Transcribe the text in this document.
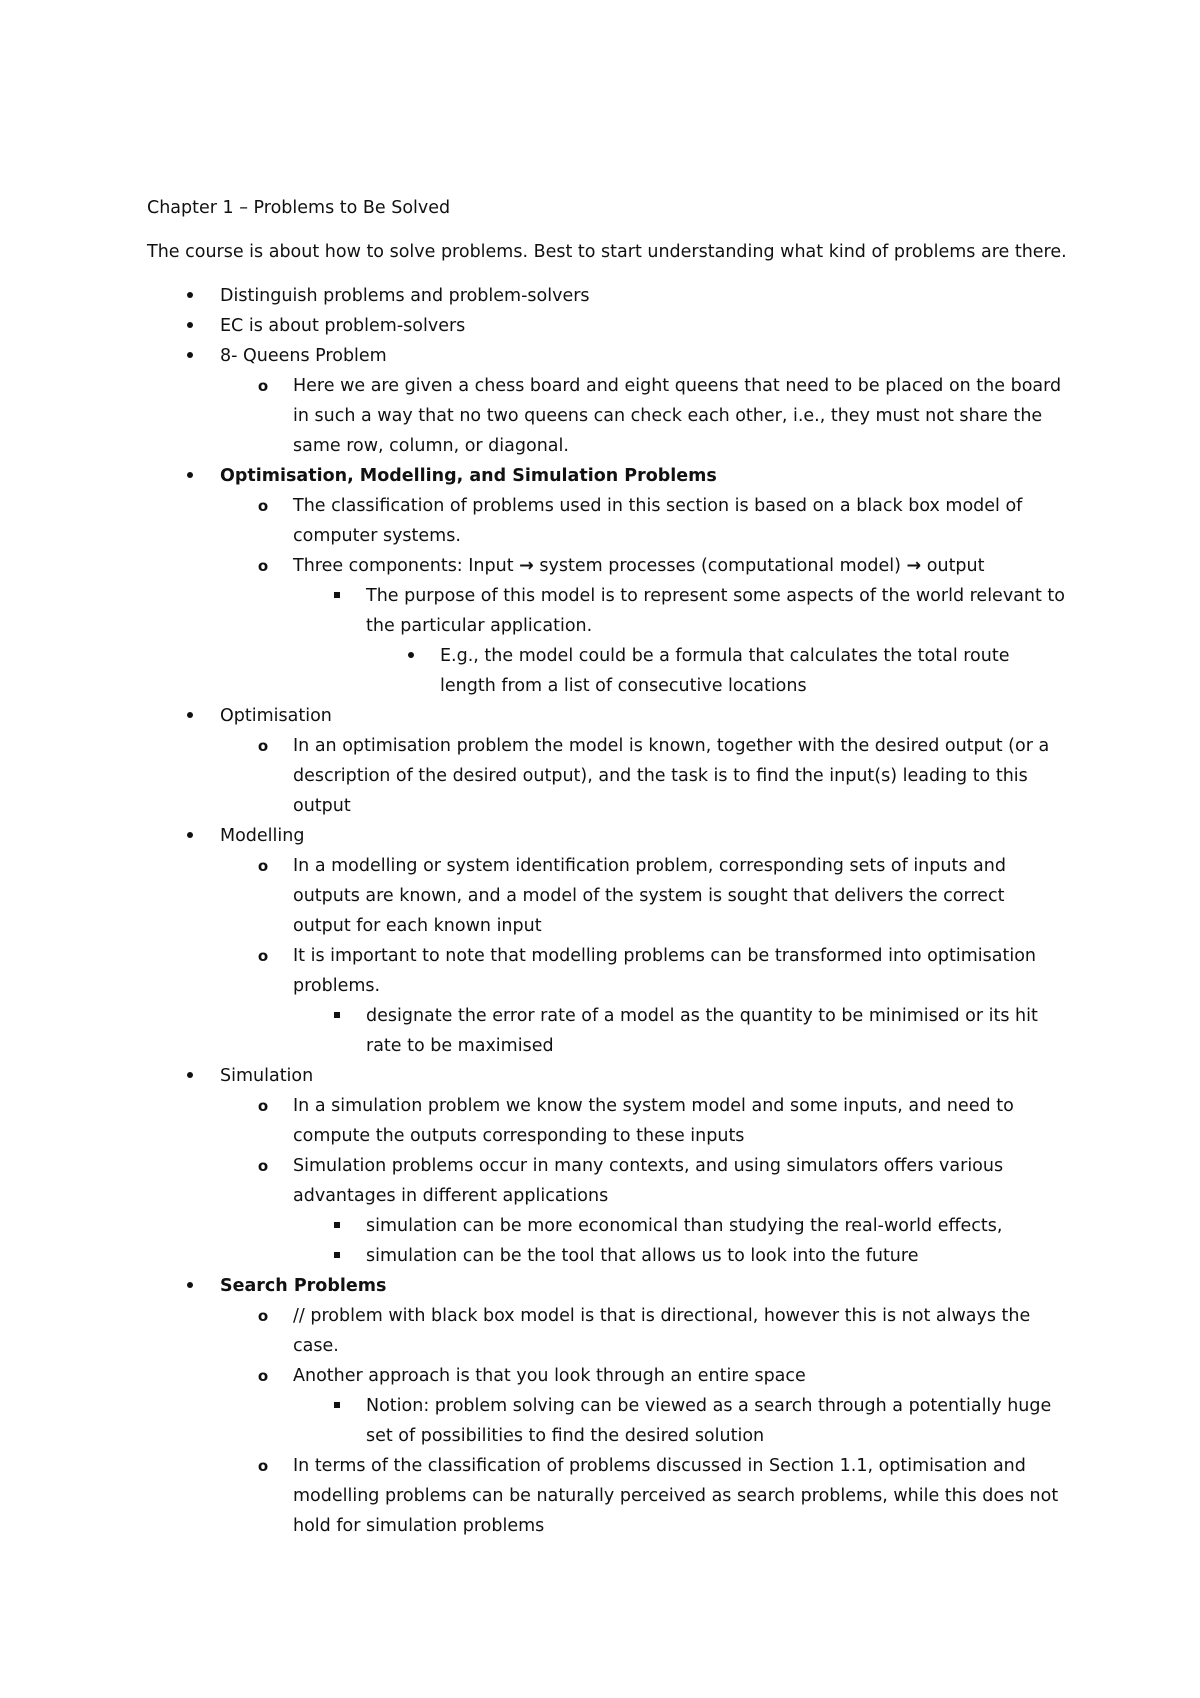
Chapter 1 – Problems to Be Solved

The course is about how to solve problems. Best to start understanding what kind of problems are there.

Distinguish problems and problem-solvers
EC is about problem-solvers
8- Queens Problem
o Here we are given a chess board and eight queens that need to be placed on the board in such a way that no two queens can check each other, i.e., they must not share the same row, column, or diagonal.
Optimisation, Modelling, and Simulation Problems
o The classification of problems used in this section is based on a black box model of computer systems.
o Three components: Input → system processes (computational model) → output
The purpose of this model is to represent some aspects of the world relevant to the particular application.
E.g., the model could be a formula that calculates the total route length from a list of consecutive locations
Optimisation
o In an optimisation problem the model is known, together with the desired output (or a description of the desired output), and the task is to find the input(s) leading to this output
Modelling
o In a modelling or system identification problem, corresponding sets of inputs and outputs are known, and a model of the system is sought that delivers the correct output for each known input
o It is important to note that modelling problems can be transformed into optimisation problems.
designate the error rate of a model as the quantity to be minimised or its hit rate to be maximised
Simulation
o In a simulation problem we know the system model and some inputs, and need to compute the outputs corresponding to these inputs
o Simulation problems occur in many contexts, and using simulators offers various advantages in different applications
simulation can be more economical than studying the real-world effects,
simulation can be the tool that allows us to look into the future
Search Problems
o // problem with black box model is that is directional, however this is not always the case.
o Another approach is that you look through an entire space
Notion: problem solving can be viewed as a search through a potentially huge set of possibilities to find the desired solution
o In terms of the classification of problems discussed in Section 1.1, optimisation and modelling problems can be naturally perceived as search problems, while this does not hold for simulation problems
